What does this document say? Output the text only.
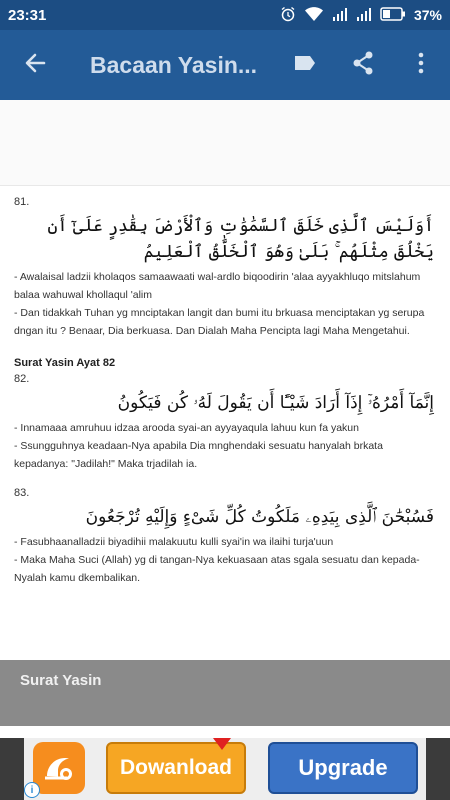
23:31	37%
Bacaan Yasin...
81.
أَوَلَيْسَ ٱلَّذِى خَلَقَ ٱلسَّمَٰوَٰتِ وَٱلْأَرْضَ بِقَٰدِرٍ عَلَىٰٓ أَن يَخْلُقَ مِثْلَهُم ۚ بَلَىٰ وَهُوَ ٱلْخَلَّٰقُ ٱلْعَلِيمُ
- Awalaisal ladzii kholaqos samaawaati wal-ardlo biqoodirin 'alaa ayyakhluqo mitslahum balaa wahuwal khollaqul 'alim
- Dan tidakkah Tuhan yg mnciptakan langit dan bumi itu brkuasa menciptakan yg serupa dngan itu ? Benaar, Dia berkuasa. Dan Dialah Maha Pencipta lagi Maha Mengetahui.
Surat Yasin Ayat 82
82.
إِنَّمَآ أَمْرُهُۥٓ إِذَآ أَرَادَ شَيْـًٔا أَن يَقُولَ لَهُۥ كُن فَيَكُونُ
- Innamaaa amruhuu idzaa arooda syai-an ayyayaqula lahuu kun fa yakun
- Ssungguhnya keadaan-Nya apabila Dia mnghendaki sesuatu hanyalah brkata kepadanya: "Jadilah!" Maka trjadilah ia.
83.
فَسُبْحَٰنَ ٱلَّذِى بِيَدِهِۦ مَلَكُوتُ كُلِّ شَىْءٍ وَإِلَيْهِ تُرْجَعُونَ
- Fasubhaanalladzii biyadihii malakuutu kulli syai'in wa ilaihi turja'uun
- Maka Maha Suci (Allah) yg di tangan-Nya kekuasaan atas sgala sesuatu dan kepada-Nyalah kamu dkembalikan.
Surat Yasin
Dowanload	Upgrade
i
